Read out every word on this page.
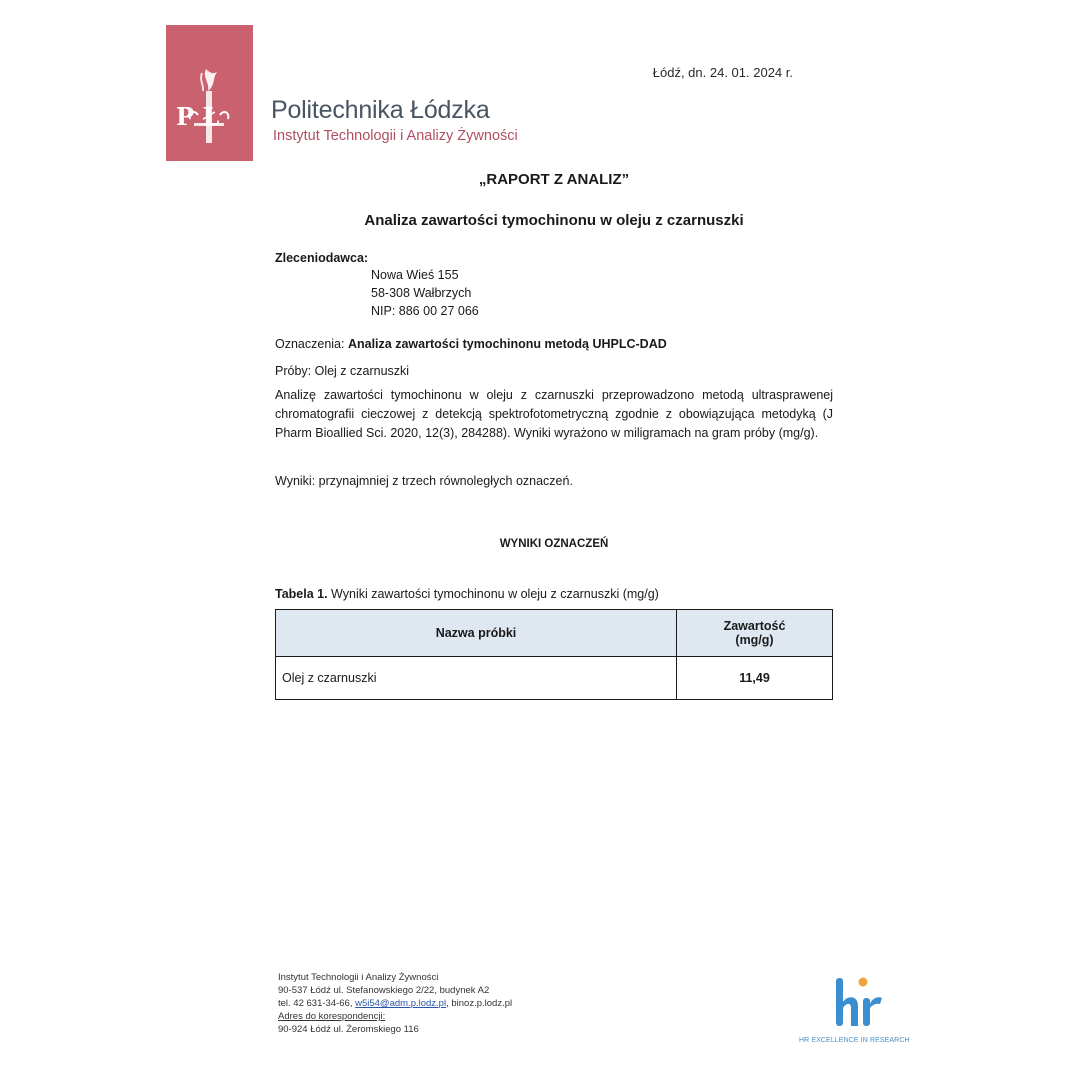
P Ł Politechnika Łódzka
Instytut Technologii i Analizy Żywności
Łódź, dn. 24. 01. 2024 r.
„RAPORT Z ANALIZ”
Analiza zawartości tymochinonu w oleju z czarnuszki
Zleceniodawca:
Nowa Wieś 155
58-308 Wałbrzych
NIP: 886 00 27 066
Oznaczenia: Analiza zawartości tymochinonu metodą UHPLC-DAD
Próby: Olej z czarnuszki
Analizę zawartości tymochinonu w oleju z czarnuszki przeprowadzono metodą ultrasprawenej chromatografii cieczowej z detekcją spektrofotometryczną zgodnie z obowiązująca metodyką (J Pharm Bioallied Sci. 2020, 12(3), 284288). Wyniki wyrażono w miligramach na gram próby (mg/g).
Wyniki: przynajmniej z trzech równoległych oznaczeń.
WYNIKI OZNACZEŃ
Tabela 1. Wyniki zawartości tymochinonu w oleju z czarnuszki (mg/g)
Nazwa próbki	Zawartość
(mg/g)

Olej z czarnuszki	11,49
Instytut Technologii i Analizy Żywności
90-537 Łódź ul. Stefanowskiego 2/22, budynek A2
tel. 42 631-34-66, w5i54@adm.p.lodz.pl, binoz.p.lodz.pl
Adres do korespondencji:
90-924 Łódź ul. Żeromskiego 116
HR EXCELLENCE IN RESEARCH
